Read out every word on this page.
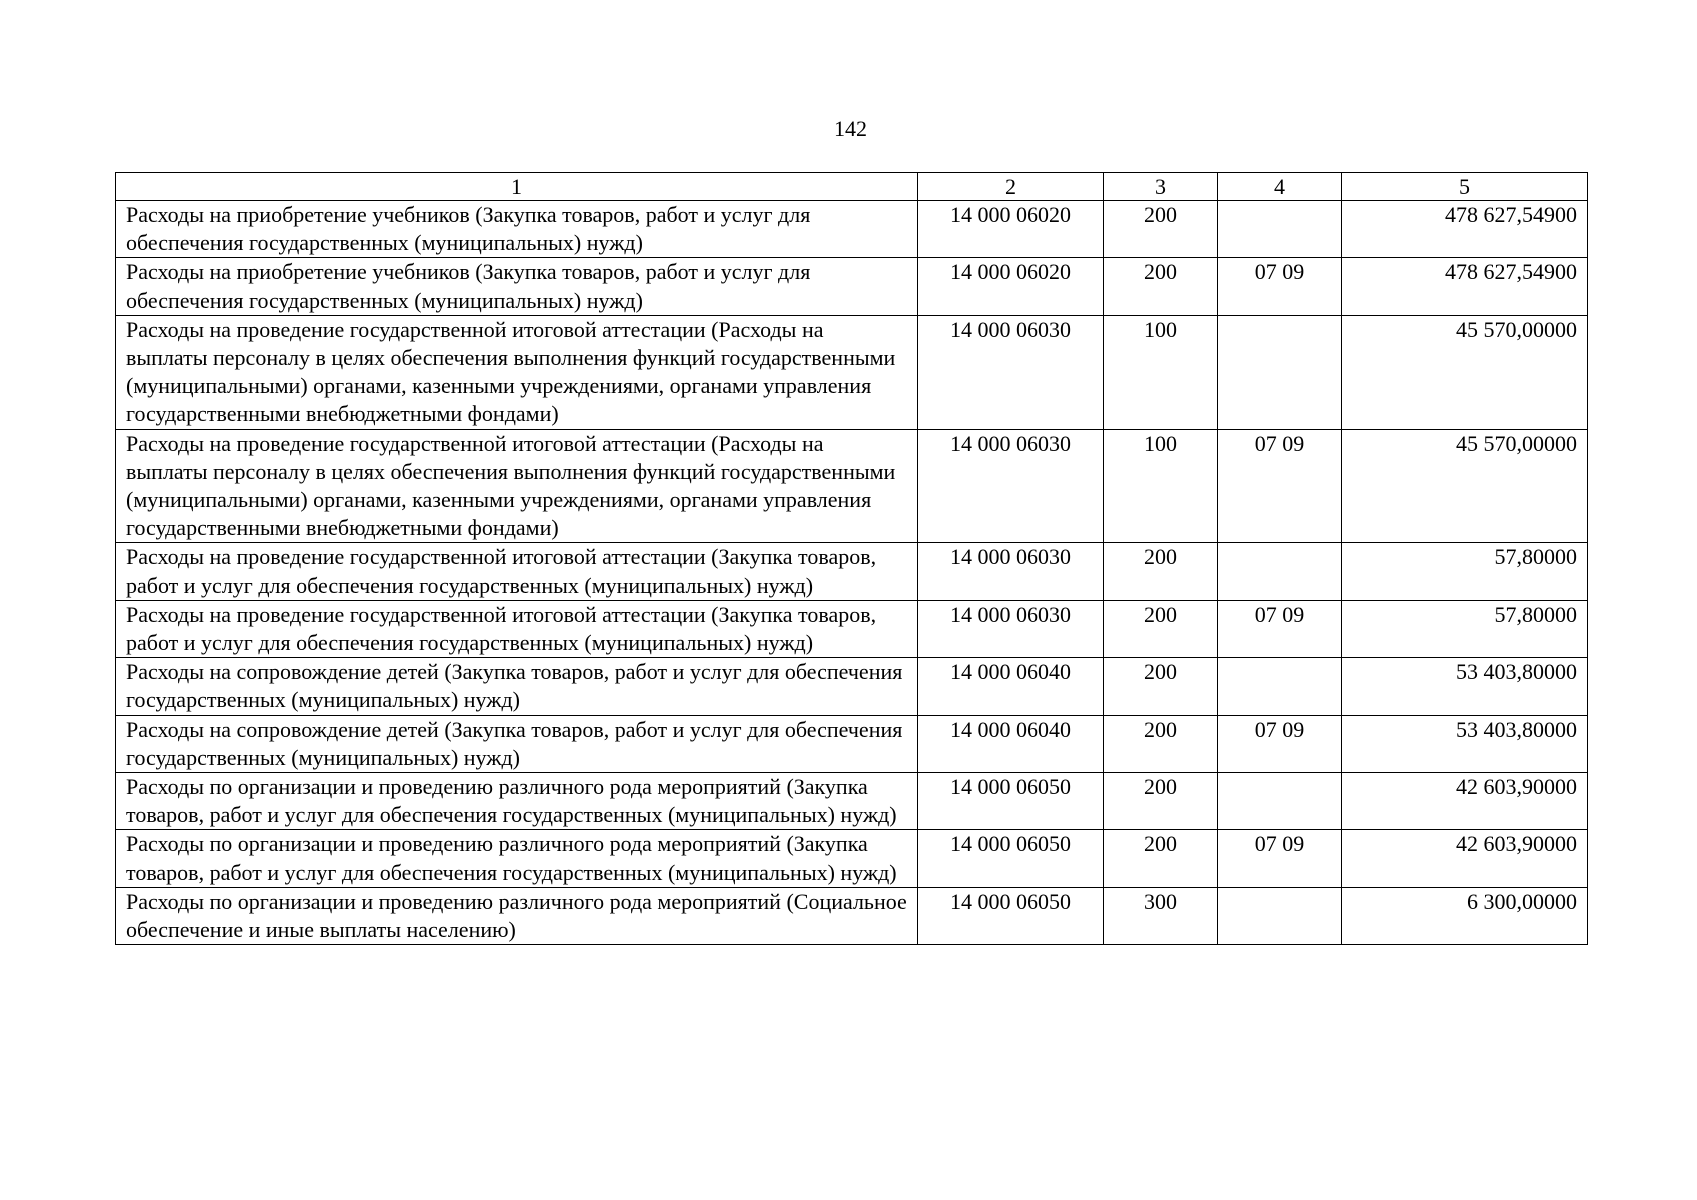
142
1	2	3	4	5
Расходы на приобретение учебников (Закупка товаров, работ и услуг для обеспечения государственных (муниципальных) нужд)	14 000 06020	200		478 627,54900
Расходы на приобретение учебников (Закупка товаров, работ и услуг для обеспечения государственных (муниципальных) нужд)	14 000 06020	200	07 09	478 627,54900
Расходы на проведение государственной итоговой аттестации (Расходы на выплаты персоналу в целях обеспечения выполнения функций государственными (муниципальными) органами, казенными учреждениями, органами управления государственными внебюджетными фондами)	14 000 06030	100		45 570,00000
Расходы на проведение государственной итоговой аттестации (Расходы на выплаты персоналу в целях обеспечения выполнения функций государственными (муниципальными) органами, казенными учреждениями, органами управления государственными внебюджетными фондами)	14 000 06030	100	07 09	45 570,00000
Расходы на проведение государственной итоговой аттестации (Закупка товаров, работ и услуг для обеспечения государственных (муниципальных) нужд)	14 000 06030	200		57,80000
Расходы на проведение государственной итоговой аттестации (Закупка товаров, работ и услуг для обеспечения государственных (муниципальных) нужд)	14 000 06030	200	07 09	57,80000
Расходы на сопровождение детей (Закупка товаров, работ и услуг для обеспечения государственных (муниципальных) нужд)	14 000 06040	200		53 403,80000
Расходы на сопровождение детей (Закупка товаров, работ и услуг для обеспечения государственных (муниципальных) нужд)	14 000 06040	200	07 09	53 403,80000
Расходы по организации и проведению различного рода мероприятий (Закупка товаров, работ и услуг для обеспечения государственных (муниципальных) нужд)	14 000 06050	200		42 603,90000
Расходы по организации и проведению различного рода мероприятий (Закупка товаров, работ и услуг для обеспечения государственных (муниципальных) нужд)	14 000 06050	200	07 09	42 603,90000
Расходы по организации и проведению различного рода мероприятий (Социальное обеспечение и иные выплаты населению)	14 000 06050	300		6 300,00000
